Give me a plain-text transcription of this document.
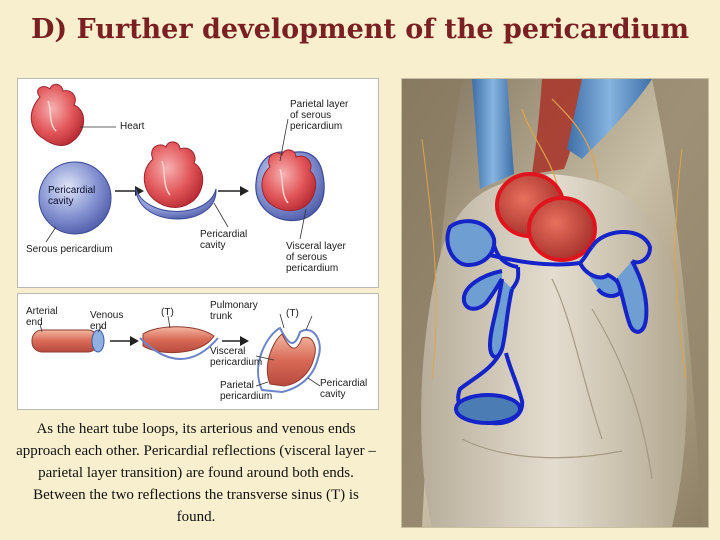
D) Further development of the pericardium
Heart
Parietal layer
of serous
pericardium
Pericardial
cavity
Serous pericardium
Pericardial
cavity	Visceral layer
of serous
pericardium
Arterial
end
Venous
end
(T)
Pulmonary
trunk	(T)
Visceral
pericardium
Parietal
pericardium
Pericardial
cavity

As the heart tube loops, its arterious and venous ends approach each other. Pericardial reflections (visceral layer – parietal layer transition) are found around both ends. Between the two reflections the transverse sinus (T) is found.
